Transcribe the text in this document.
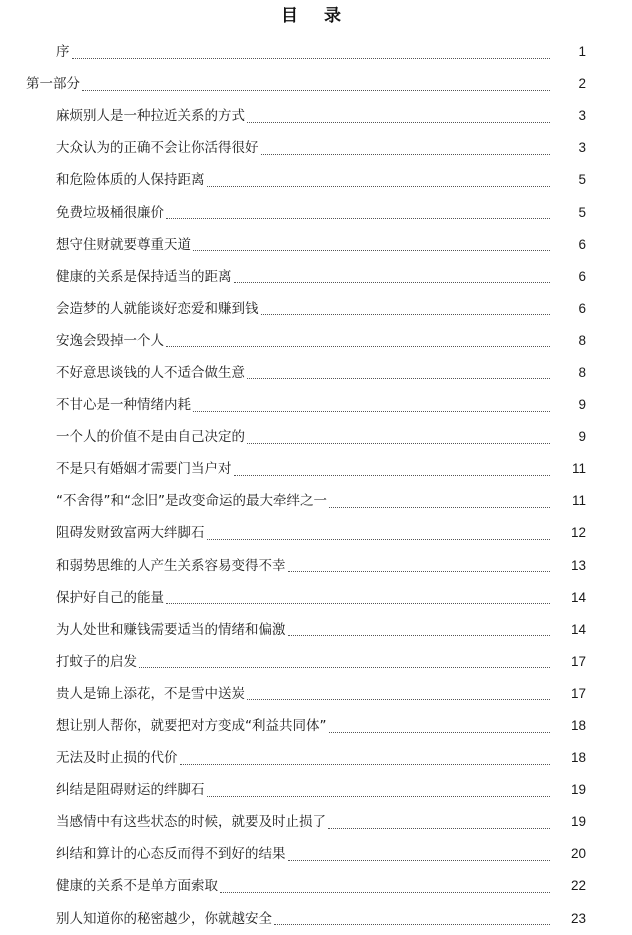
目 录
序	1
第一部分	2
麻烦别人是一种拉近关系的方式	3
大众认为的正确不会让你活得很好	3
和危险体质的人保持距离	5
免费垃圾桶很廉价	5
想守住财就要尊重天道	6
健康的关系是保持适当的距离	6
会造梦的人就能谈好恋爱和赚到钱	6
安逸会毁掉一个人	8
不好意思谈钱的人不适合做生意	8
不甘心是一种情绪内耗	9
一个人的价值不是由自己决定的	9
不是只有婚姻才需要门当户对	11
“不舍得”和“念旧”是改变命运的最大牵绊之一	11
阻碍发财致富两大绊脚石	12
和弱势思维的人产生关系容易变得不幸	13
保护好自己的能量	14
为人处世和赚钱需要适当的情绪和偏激	14
打蚊子的启发	17
贵人是锦上添花，不是雪中送炭	17
想让别人帮你，就要把对方变成“利益共同体”	18
无法及时止损的代价	18
纠结是阻碍财运的绊脚石	19
当感情中有这些状态的时候，就要及时止损了	19
纠结和算计的心态反而得不到好的结果	20
健康的关系不是单方面索取	22
别人知道你的秘密越少，你就越安全	23
